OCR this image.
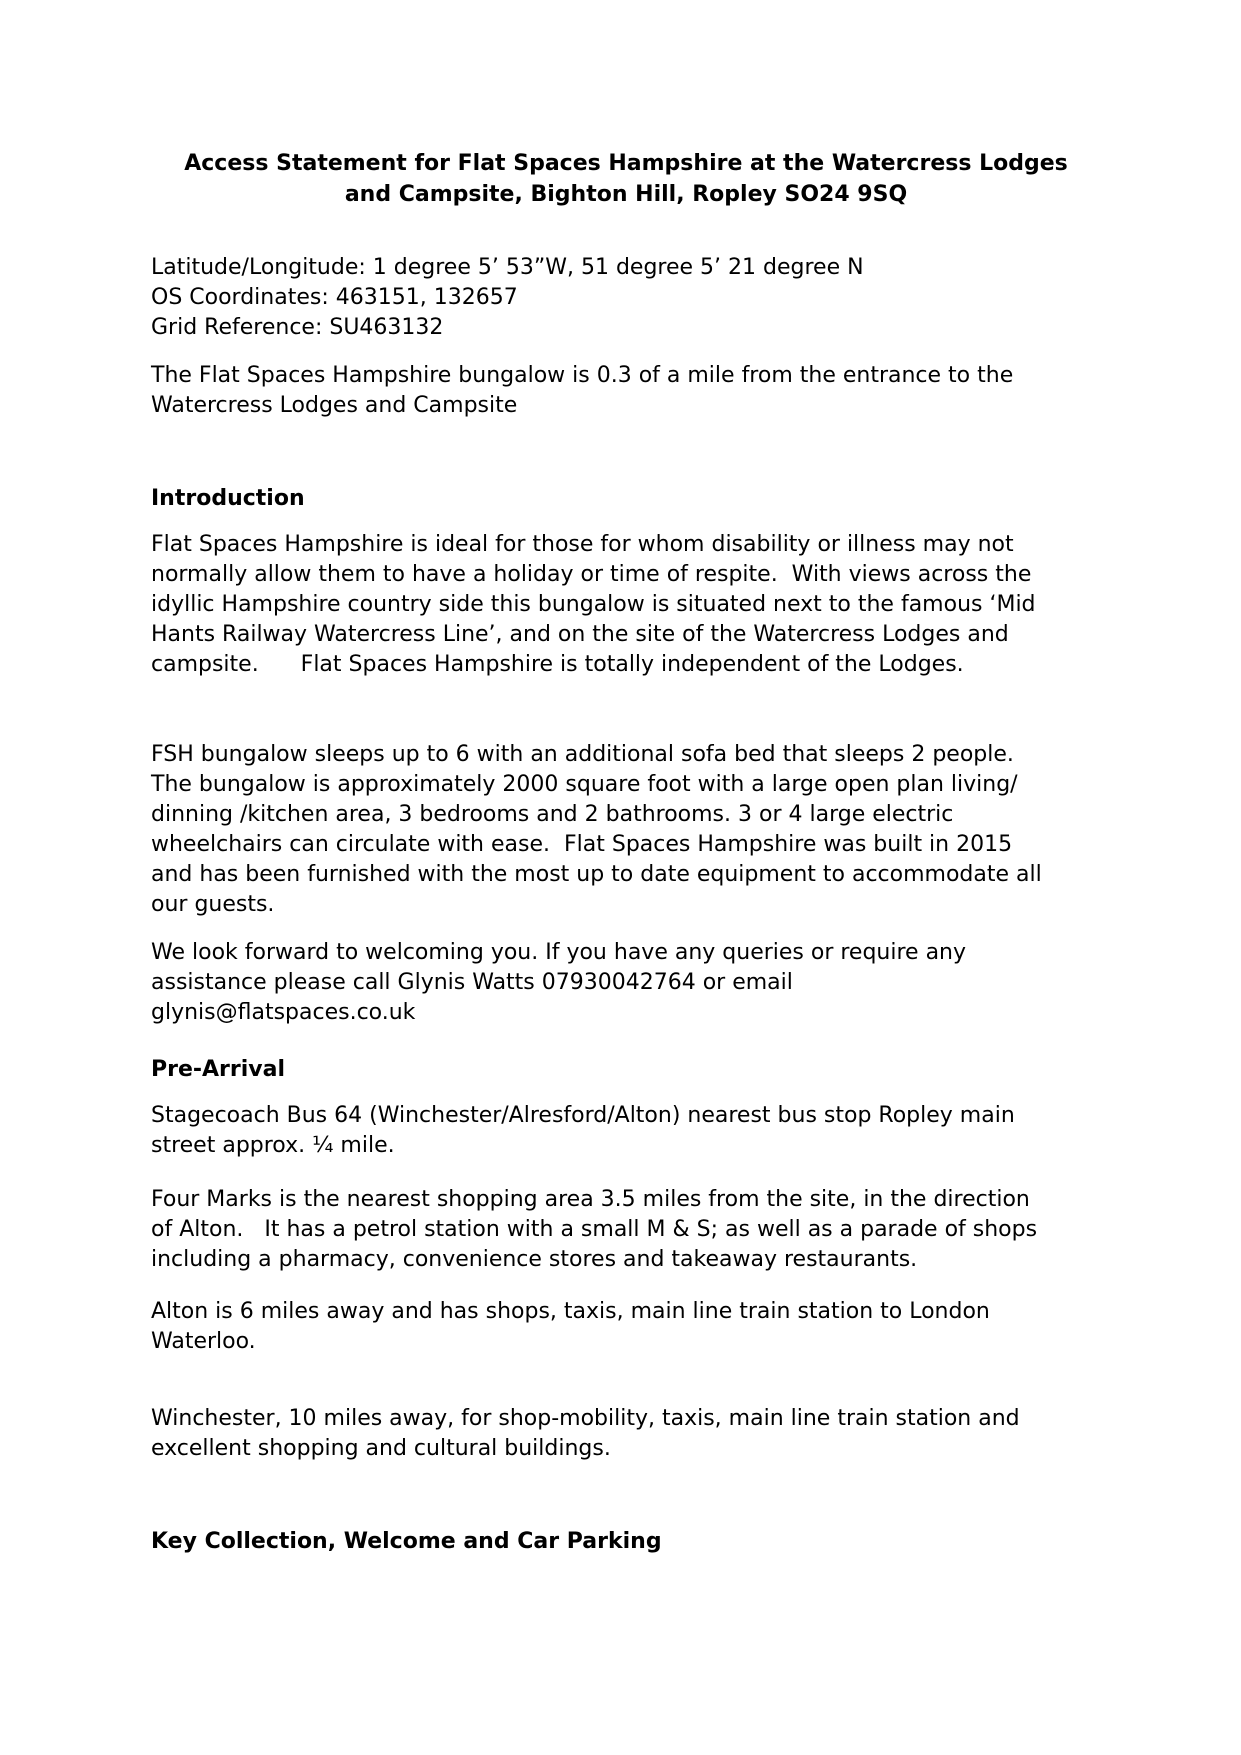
Access Statement for Flat Spaces Hampshire at the Watercress Lodges
and Campsite, Bighton Hill, Ropley SO24 9SQ
Latitude/Longitude: 1 degree 5’ 53”W, 51 degree 5’ 21 degree N
OS Coordinates: 463151, 132657
Grid Reference: SU463132
The Flat Spaces Hampshire bungalow is 0.3 of a mile from the entrance to the
Watercress Lodges and Campsite
Introduction
Flat Spaces Hampshire is ideal for those for whom disability or illness may not
normally allow them to have a holiday or time of respite.  With views across the
idyllic Hampshire country side this bungalow is situated next to the famous ‘Mid
Hants Railway Watercress Line’, and on the site of the Watercress Lodges and
campsite.      Flat Spaces Hampshire is totally independent of the Lodges.
FSH bungalow sleeps up to 6 with an additional sofa bed that sleeps 2 people.
The bungalow is approximately 2000 square foot with a large open plan living/
dinning /kitchen area, 3 bedrooms and 2 bathrooms. 3 or 4 large electric
wheelchairs can circulate with ease.  Flat Spaces Hampshire was built in 2015
and has been furnished with the most up to date equipment to accommodate all
our guests.
We look forward to welcoming you. If you have any queries or require any
assistance please call Glynis Watts 07930042764 or email
glynis@flatspaces.co.uk
Pre-Arrival
Stagecoach Bus 64 (Winchester/Alresford/Alton) nearest bus stop Ropley main
street approx. ¼ mile.
Four Marks is the nearest shopping area 3.5 miles from the site, in the direction
of Alton.   It has a petrol station with a small M & S; as well as a parade of shops
including a pharmacy, convenience stores and takeaway restaurants.
Alton is 6 miles away and has shops, taxis, main line train station to London
Waterloo.
Winchester, 10 miles away, for shop-mobility, taxis, main line train station and
excellent shopping and cultural buildings.
Key Collection, Welcome and Car Parking
